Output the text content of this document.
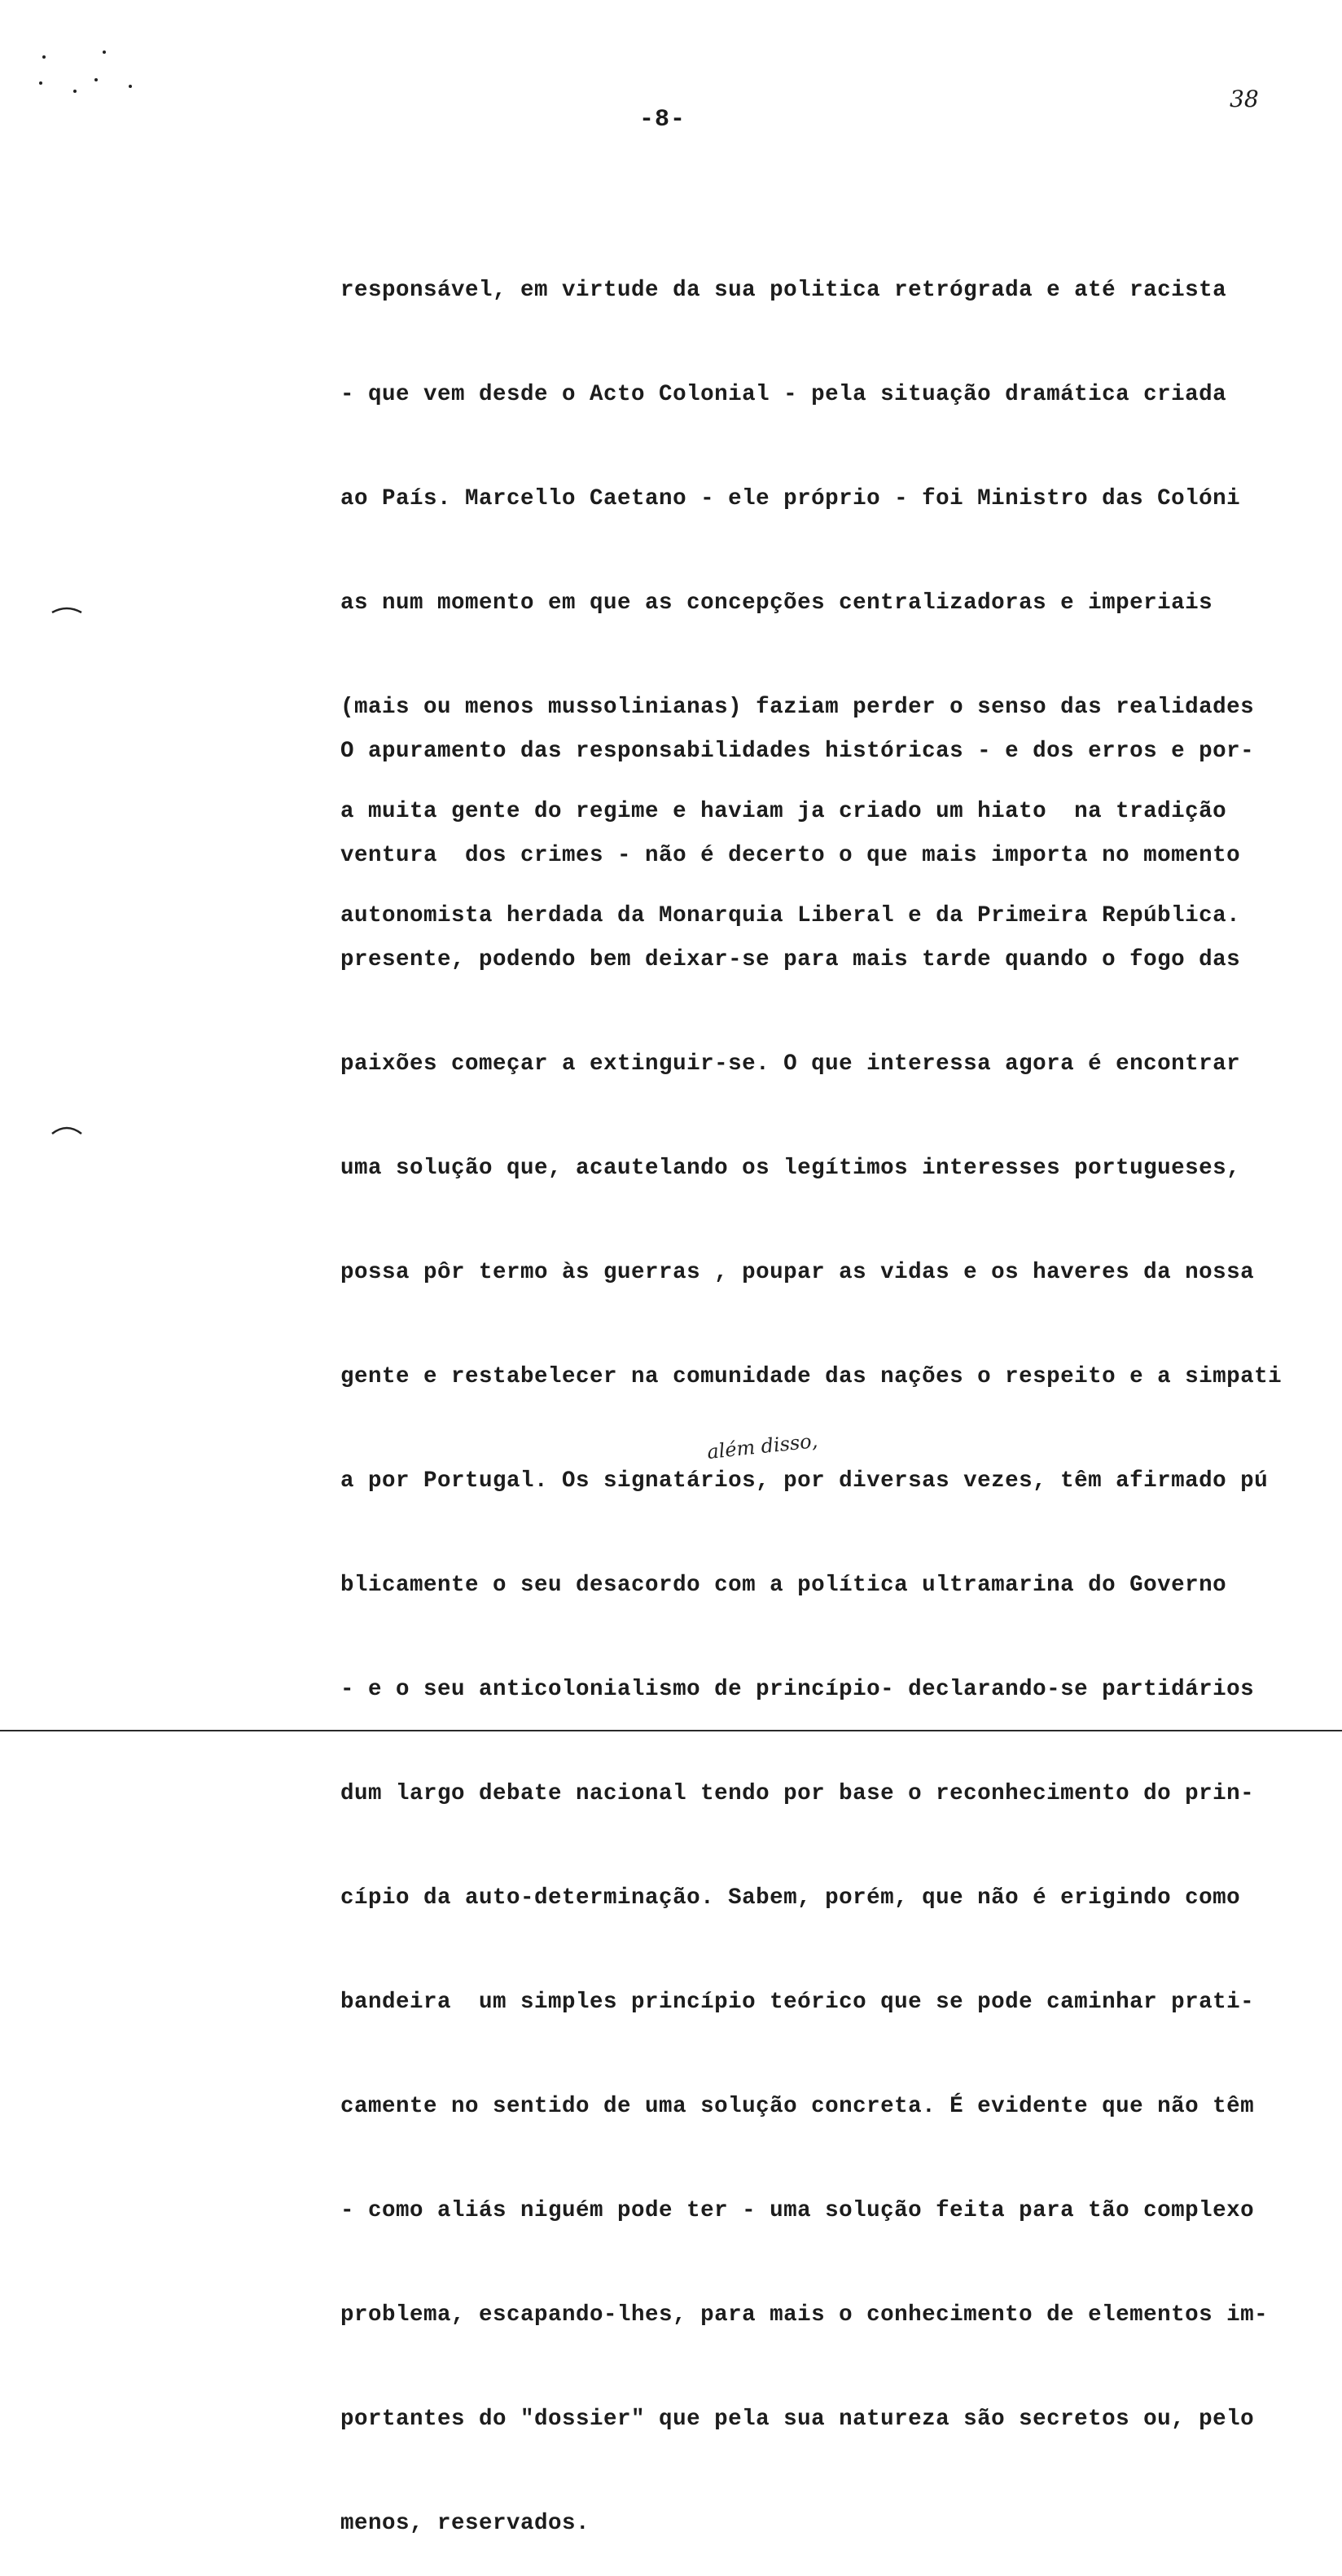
-8-
38

responsável, em virtude da sua politica retrógrada e até racista

- que vem desde o Acto Colonial - pela situação dramática criada

ao País. Marcello Caetano - ele próprio - foi Ministro das Colóni

as num momento em que as concepções centralizadoras e imperiais

(mais ou menos mussolinianas) faziam perder o senso das realidades

a muita gente do regime e haviam ja criado um hiato  na tradição

autonomista herdada da Monarquia Liberal e da Primeira República.

O apuramento das responsabilidades históricas - e dos erros e por-

ventura  dos crimes - não é decerto o que mais importa no momento

presente, podendo bem deixar-se para mais tarde quando o fogo das

paixões começar a extinguir-se. O que interessa agora é encontrar

uma solução que, acautelando os legítimos interesses portugueses,

possa pôr termo às guerras , poupar as vidas e os haveres da nossa

gente e restabelecer na comunidade das nações o respeito e a simpati

a por Portugal. Os signatários, por diversas vezes, têm afirmado pú

blicamente o seu desacordo com a política ultramarina do Governo

- e o seu anticolonialismo de princípio- declarando-se partidários

dum largo debate nacional tendo por base o reconhecimento do prin-

cípio da auto-determinação. Sabem, porém, que não é erigindo como

bandeira  um simples princípio teórico que se pode caminhar prati-

camente no sentido de uma solução concreta. É evidente que não têm

- como aliás niguém pode ter - uma solução feita para tão complexo

problema, escapando-lhes, para mais o conhecimento de elementos im-

portantes do "dossier" que pela sua natureza são secretos ou, pelo

menos, reservados.

além disso,
